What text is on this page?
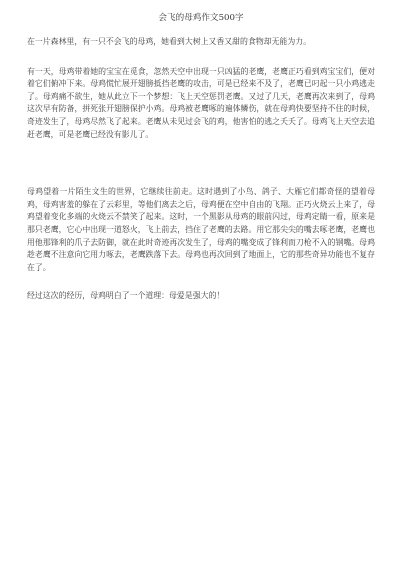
会飞的母鸡作文500字

在一片森林里，有一只不会飞的母鸡，她看到大树上又香又甜的食物却无能为力。

有一天，母鸡带着她的宝宝在觅食，忽然天空中出现一只凶猛的老鹰，老鹰正巧看到鸡宝宝们，便对着它们俯冲下来。母鸡慌忙展开翅膀抵挡老鹰的攻击，可是已经来不及了，老鹰已叼起一只小鸡逃走了。母鸡痛不欲生，她从此立下一个梦想：飞上天空惩罚老鹰。又过了几天，老鹰再次来到了，母鸡这次早有防备，拼死张开翅膀保护小鸡。母鸡被老鹰啄的遍体鳞伤，就在母鸡快要坚持不住的时候，奇迹发生了，母鸡尽然飞了起来。老鹰从未见过会飞的鸡，他害怕的逃之夭夭了。母鸡飞上天空去追赶老鹰，可是老鹰已经没有影儿了。

母鸡望着一片陌生文生的世界，它继续往前走。这时遇到了小鸟、鸽子、大雁它们都奇怪的望着母鸡，母鸡害羞的躲在了云彩里，等他们离去之后，母鸡便在空中自由的飞翔。正巧火烧云上来了，母鸡望着变化多端的火烧云不禁笑了起来。这时，一个黑影从母鸡的眼前闪过，母鸡定睛一看，原来是那只老鹰，它心中出现一道怒火，飞上前去，挡住了老鹰的去路。用它那尖尖的嘴去啄老鹰，老鹰也用他那锋利的爪子去防御，就在此时奇迹再次发生了，母鸡的嘴变成了锋利而刀枪不入的钢嘴。母鸡趁老鹰不注意向它用力啄去，老鹰跌落下去。母鸡也再次回到了地面上，它的那些奇异功能也不复存在了。

经过这次的经历，母鸡明白了一个道理：母爱是强大的！
